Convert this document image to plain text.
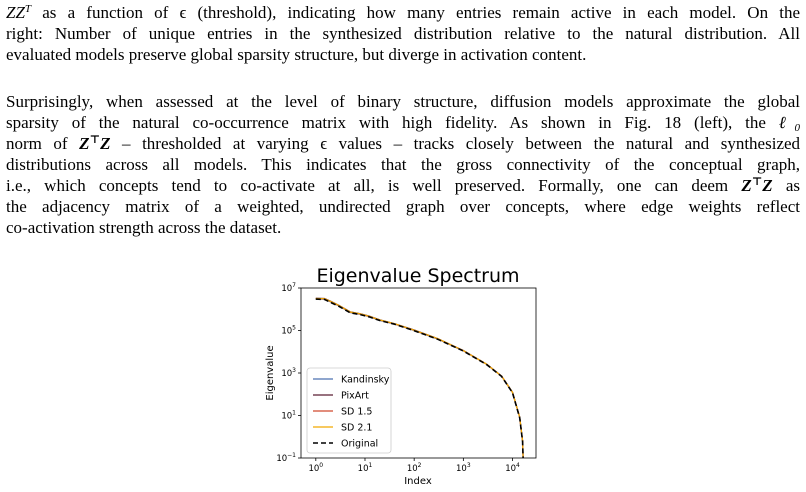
$ZZ^T$ as a function of ϵ (threshold), indicating how many entries remain active in each model. On the
right: Number of unique entries in the synthesized distribution relative to the natural distribution. All
evaluated models preserve global sparsity structure, but diverge in activation content.
Surprisingly, when assessed at the level of binary structure, diffusion models approximate the global
sparsity of the natural co-occurrence matrix with high fidelity. As shown in Fig. 18 (left), the ℓ$_0$
norm of Z⊤Z – thresholded at varying ϵ values – tracks closely between the natural and synthesized
distributions across all models. This indicates that the gross connectivity of the conceptual graph,
i.e., which concepts tend to co-activate at all, is well preserved. Formally, one can deem Z⊤Z as
the adjacency matrix of a weighted, undirected graph over concepts, where edge weights reflect
co-activation strength across the dataset.
Eigenvalue Spectrum
$10^0$	$10^1$	$10^2$	$10^3$	$10^4$
$10^{-1}$
$10^1$
$10^3$
$10^5$
$10^7$
Index
Eigenvalue	Kandinsky
PixArt
SD 1.5
SD 2.1
Original
